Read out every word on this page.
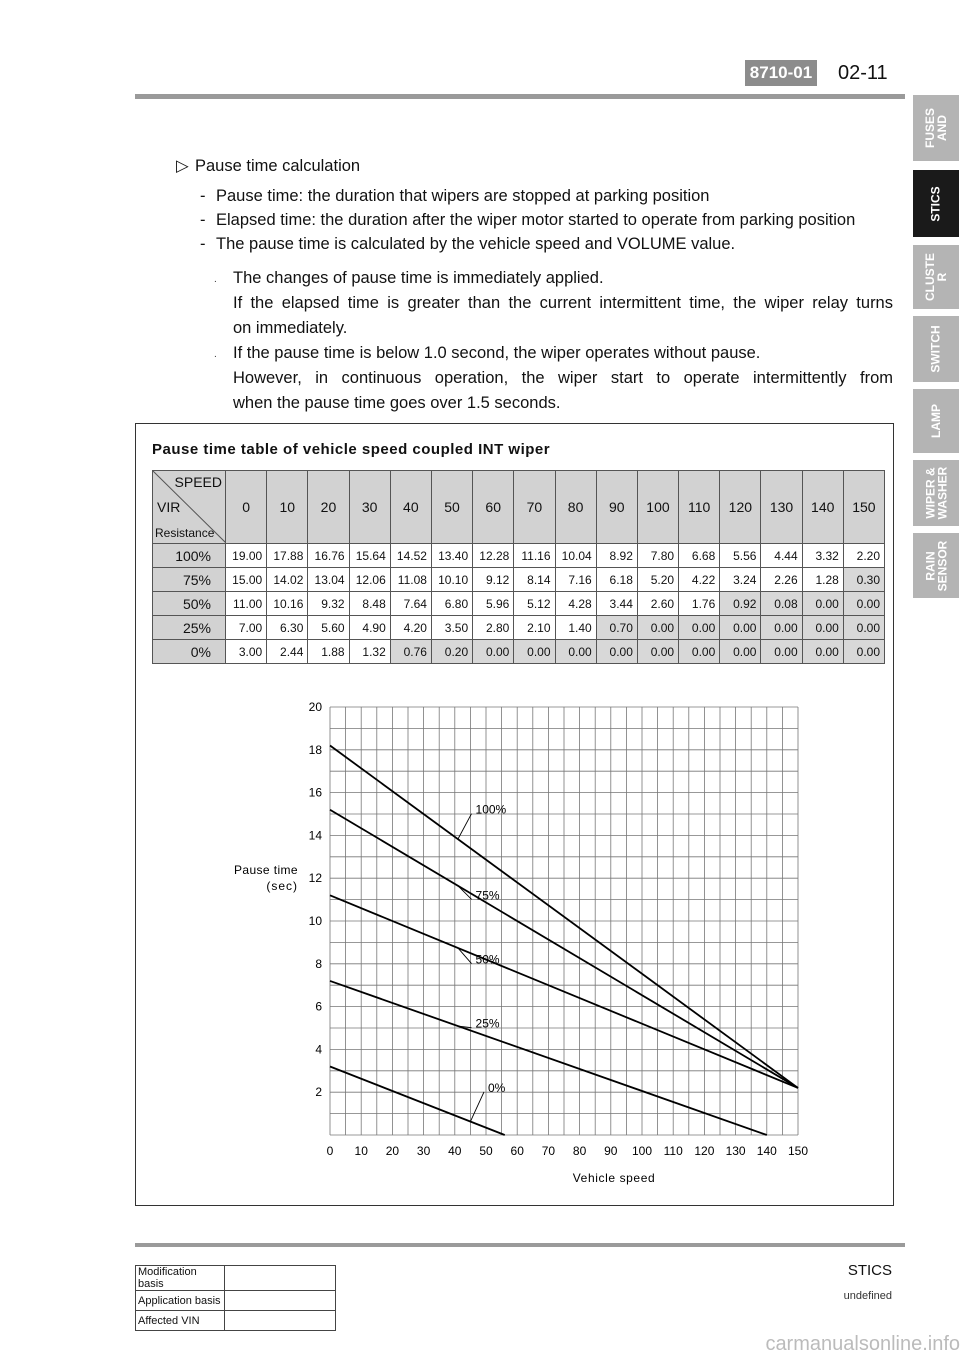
8710-01 02-11
FUSES
AND
STICS
CLUSTE
R
SWITCH
LAMP
WIPER &
WASHER
RAIN
SENSOR
▷ Pause time calculation
- Pause time: the duration that wipers are stopped at parking position
- Elapsed time: the duration after the wiper motor started to operate from parking position
- The pause time is calculated by the vehicle speed and VOLUME value.
. The changes of pause time is immediately applied.
If the elapsed time is greater than the current intermittent time, the wiper relay turns
on immediately.
. If the pause time is below 1.0 second, the wiper operates without pause.
However, in continuous operation, the wiper start to operate intermittently from
when the pause time goes over 1.5 seconds.
Pause time table of vehicle speed coupled INT wiper
SPEED
VIR
Resistance	0	10	20	30	40	50	60	70	80	90	100	110	120	130	140	150
100%	19.00	17.88	16.76	15.64	14.52	13.40	12.28	11.16	10.04	8.92	7.80	6.68	5.56	4.44	3.32	2.20
75%	15.00	14.02	13.04	12.06	11.08	10.10	9.12	8.14	7.16	6.18	5.20	4.22	3.24	2.26	1.28	0.30
50%	11.00	10.16	9.32	8.48	7.64	6.80	5.96	5.12	4.28	3.44	2.60	1.76	0.92	0.08	0.00	0.00
25%	7.00	6.30	5.60	4.90	4.20	3.50	2.80	2.10	1.40	0.70	0.00	0.00	0.00	0.00	0.00	0.00
0%	3.00	2.44	1.88	1.32	0.76	0.20	0.00	0.00	0.00	0.00	0.00	0.00	0.00	0.00	0.00	0.00
0 10 20 30 40 50 60 70 80 90 100 110 120 130 140 150
2
4
6
8
10
12
14
16
18
20
Vehicle speed
Pause time
(sec)
100%
75%
50%
25%
0%
Modification basis	
Application basis	
Affected VIN	
STICS
undefined
carmanualsonline.info
